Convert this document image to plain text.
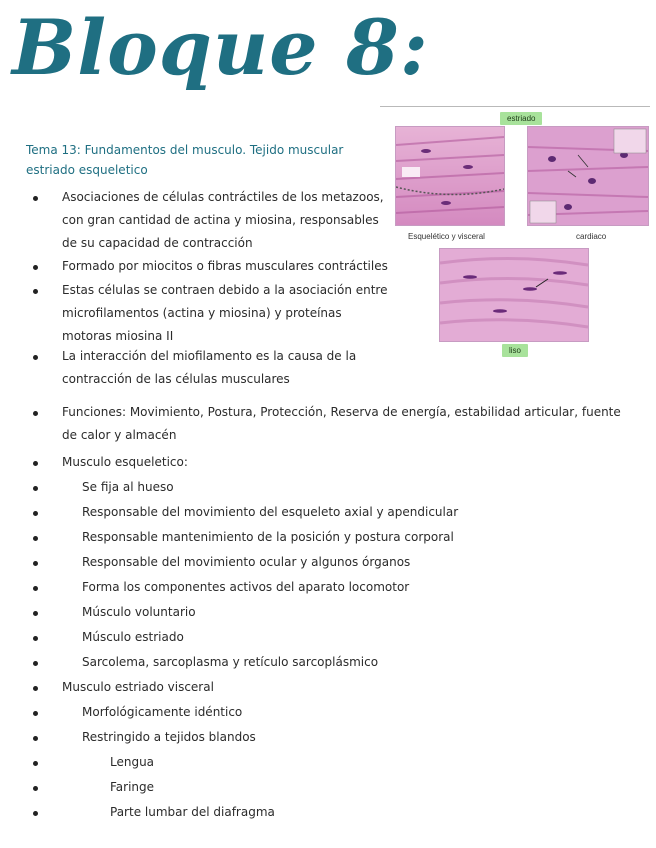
Bloque 8:
Tema 13: Fundamentos del musculo. Tejido muscular estriado esqueletico
estriado
Esquelético y visceral	cardiaco
liso
Asociaciones de células contráctiles de los metazoos, con gran cantidad de actina y miosina, responsables de su capacidad de contracción
Formado por miocitos o fibras musculares contráctiles
Estas células se contraen debido a la asociación entre microfilamentos (actina y miosina) y proteínas motoras miosina II
La interacción del miofilamento es la causa de la contracción de las células musculares
Funciones: Movimiento, Postura, Protección, Reserva de energía, estabilidad articular, fuente de calor y almacén
Musculo esqueletico:
Se fija al hueso
Responsable del movimiento del esqueleto axial y apendicular
Responsable mantenimiento de la posición y postura corporal
Responsable del movimiento ocular y algunos órganos
Forma los componentes activos del aparato locomotor
Músculo voluntario
Músculo estriado
Sarcolema, sarcoplasma y retículo sarcoplásmico
Musculo estriado visceral
Morfológicamente idéntico
Restringido a tejidos blandos
Lengua
Faringe
Parte lumbar del diafragma
